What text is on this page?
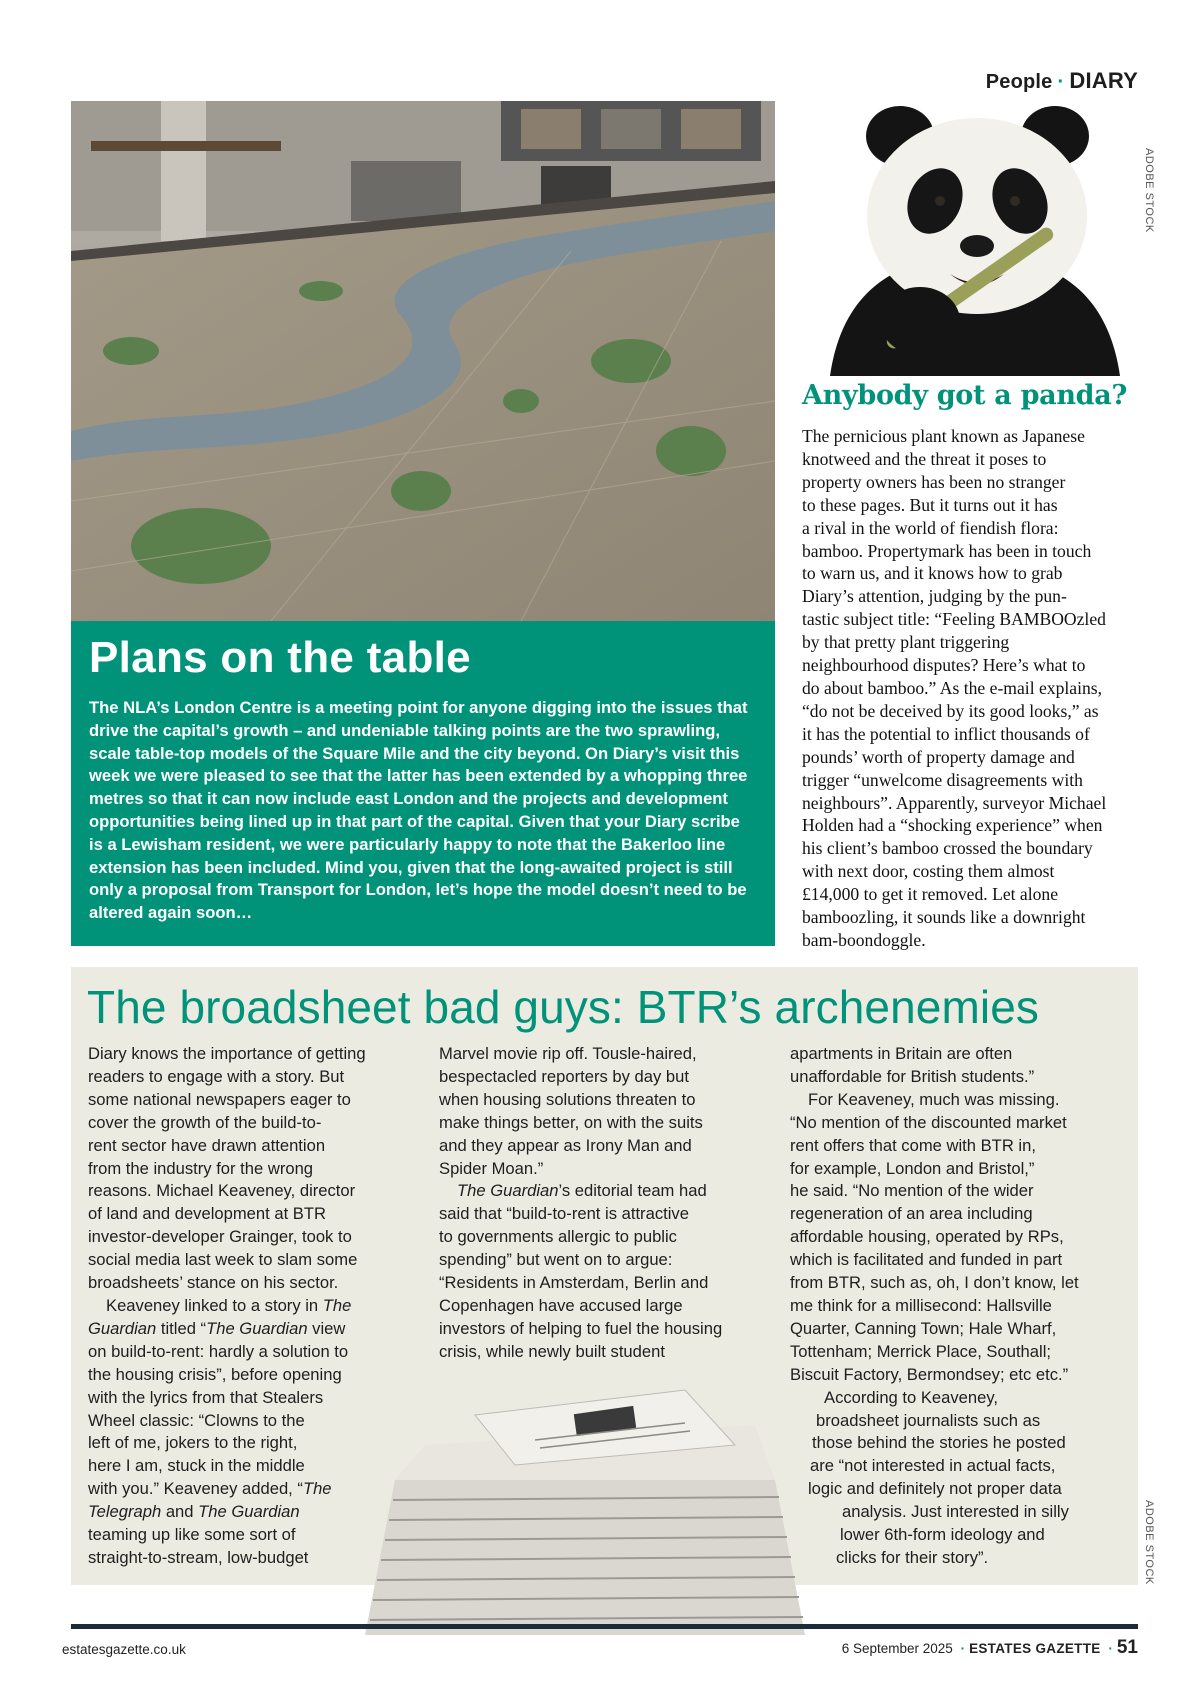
People · DIARY
Plans on the table

The NLA’s London Centre is a meeting point for anyone digging into the issues that drive the capital’s growth – and undeniable talking points are the two sprawling, scale table-top models of the Square Mile and the city beyond. On Diary’s visit this week we were pleased to see that the latter has been extended by a whopping three metres so that it can now include east London and the projects and development opportunities being lined up in that part of the capital. Given that your Diary scribe is a Lewisham resident, we were particularly happy to note that the Bakerloo line extension has been included. Mind you, given that the long-awaited project is still only a proposal from Transport for London, let’s hope the model doesn’t need to be altered again soon…

ADOBE STOCK
Anybody got a panda?

The pernicious plant known as Japanese
knotweed and the threat it poses to
property owners has been no stranger
to these pages. But it turns out it has
a rival in the world of fiendish flora:
bamboo. Propertymark has been in touch
to warn us, and it knows how to grab
Diary’s attention, judging by the pun-
tastic subject title: “Feeling BAMBOOzled
by that pretty plant triggering
neighbourhood disputes? Here’s what to
do about bamboo.” As the e-mail explains,
“do not be deceived by its good looks,” as
it has the potential to inflict thousands of
pounds’ worth of property damage and
trigger “unwelcome disagreements with
neighbours”. Apparently, surveyor Michael
Holden had a “shocking experience” when
his client’s bamboo crossed the boundary
with next door, costing them almost
£14,000 to get it removed. Let alone
bamboozling, it sounds like a downright
bam-boondoggle.

The broadsheet bad guys: BTR’s archenemies
Diary knows the importance of getting
readers to engage with a story. But
some national newspapers eager to
cover the growth of the build-to-
rent sector have drawn attention
from the industry for the wrong
reasons. Michael Keaveney, director
of land and development at BTR
investor-developer Grainger, took to
social media last week to slam some
broadsheets’ stance on his sector.
Keaveney linked to a story in The
Guardian titled “The Guardian view
on build-to-rent: hardly a solution to
the housing crisis”, before opening
with the lyrics from that Stealers
Wheel classic: “Clowns to the
left of me, jokers to the right,
here I am, stuck in the middle
with you.” Keaveney added, “The
Telegraph and The Guardian
teaming up like some sort of
straight-to-stream, low-budget
Marvel movie rip off. Tousle-haired,
bespectacled reporters by day but
when housing solutions threaten to
make things better, on with the suits
and they appear as Irony Man and
Spider Moan.”
The Guardian’s editorial team had
said that “build-to-rent is attractive
to governments allergic to public
spending” but went on to argue:
“Residents in Amsterdam, Berlin and
Copenhagen have accused large
investors of helping to fuel the housing
crisis, while newly built student
apartments in Britain are often
unaffordable for British students.”
For Keaveney, much was missing.
“No mention of the discounted market
rent offers that come with BTR in,
for example, London and Bristol,”
he said. “No mention of the wider
regeneration of an area including
affordable housing, operated by RPs,
which is facilitated and funded in part
from BTR, such as, oh, I don’t know, let
me think for a millisecond: Hallsville
Quarter, Canning Town; Hale Wharf,
Tottenham; Merrick Place, Southall;
Biscuit Factory, Bermondsey; etc etc.”
According to Keaveney,
broadsheet journalists such as
those behind the stories he posted
are “not interested in actual facts,
logic and definitely not proper data
analysis. Just interested in silly
lower 6th-form ideology and
clicks for their story”.	ADOBE STOCK
estatesgazette.co.uk	6 September 2025 · ESTATES GAZETTE · 51
